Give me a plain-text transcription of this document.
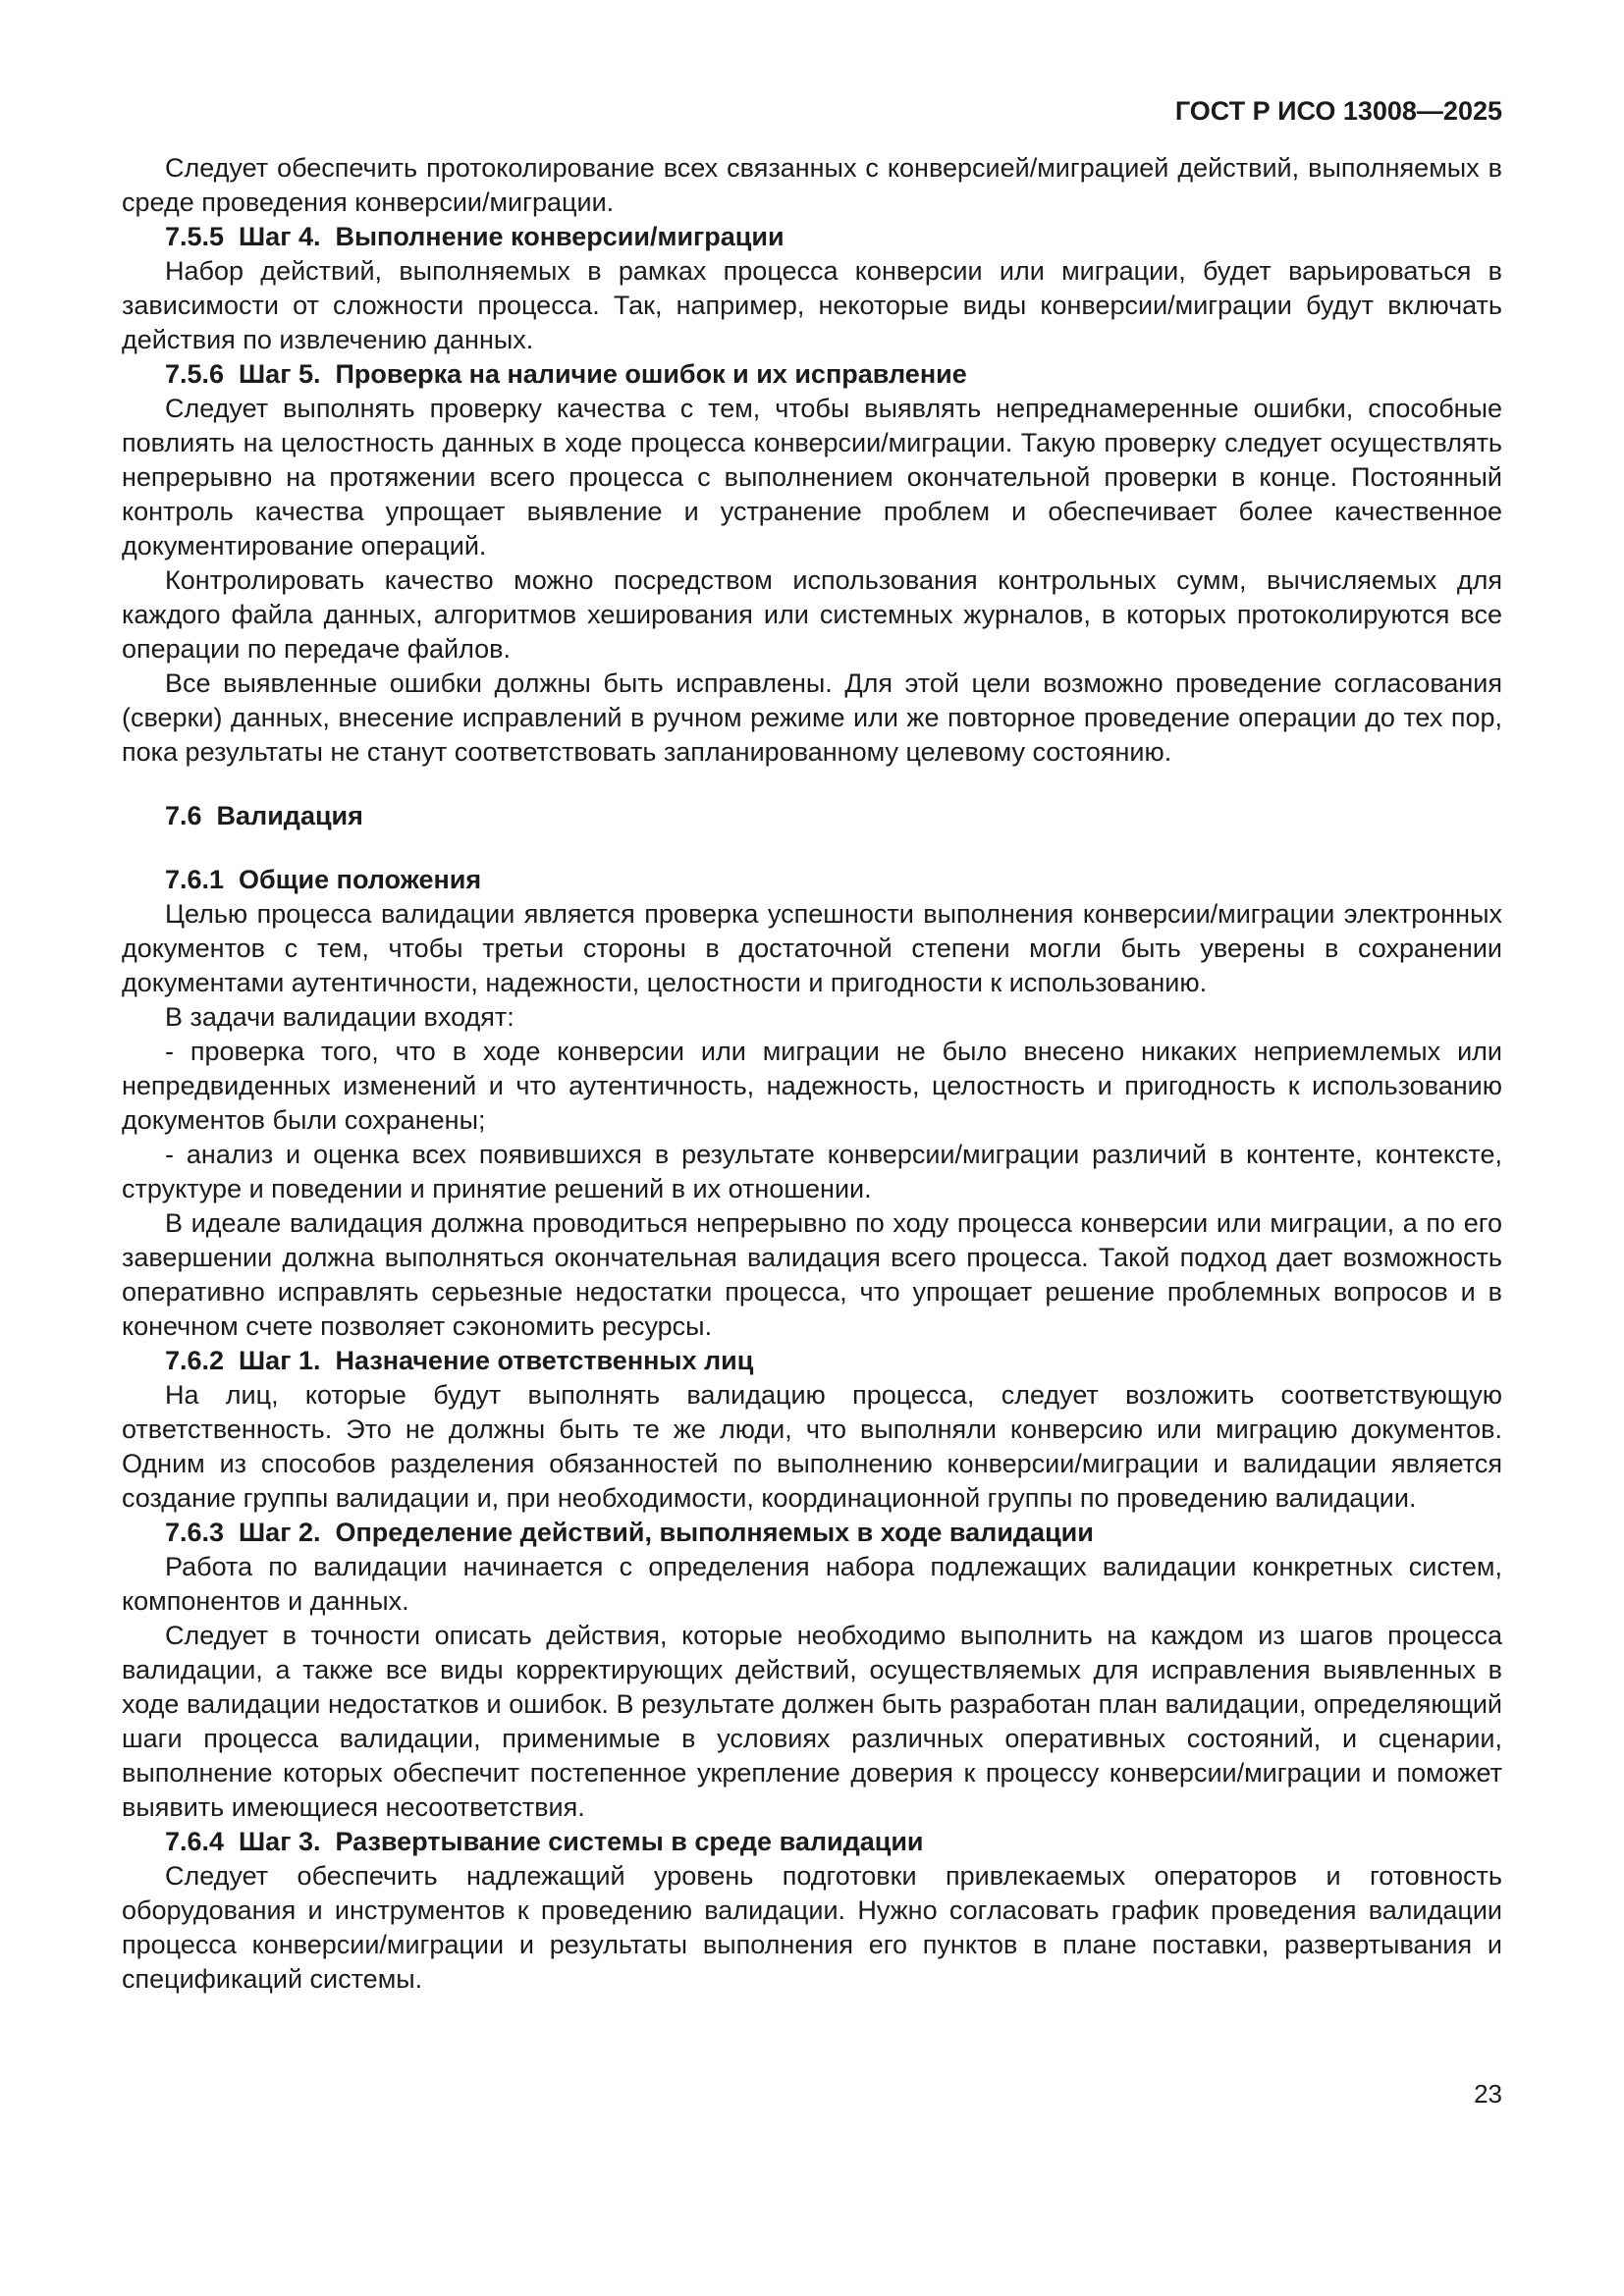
ГОСТ Р ИСО 13008—2025

Следует обеспечить протоколирование всех связанных с конверсией/миграцией действий, выполняемых в среде проведения конверсии/миграции.

7.5.5  Шаг 4.  Выполнение конверсии/миграции

Набор действий, выполняемых в рамках процесса конверсии или миграции, будет варьироваться в зависимости от сложности процесса. Так, например, некоторые виды конверсии/миграции будут включать действия по извлечению данных.

7.5.6  Шаг 5.  Проверка на наличие ошибок и их исправление

Следует выполнять проверку качества с тем, чтобы выявлять непреднамеренные ошибки, способные повлиять на целостность данных в ходе процесса конверсии/миграции. Такую проверку следует осуществлять непрерывно на протяжении всего процесса с выполнением окончательной проверки в конце. Постоянный контроль качества упрощает выявление и устранение проблем и обеспечивает более качественное документирование операций.

Контролировать качество можно посредством использования контрольных сумм, вычисляемых для каждого файла данных, алгоритмов хеширования или системных журналов, в которых протоколируются все операции по передаче файлов.

Все выявленные ошибки должны быть исправлены. Для этой цели возможно проведение согласования (сверки) данных, внесение исправлений в ручном режиме или же повторное проведение операции до тех пор, пока результаты не станут соответствовать запланированному целевому состоянию.

7.6  Валидация

7.6.1  Общие положения

Целью процесса валидации является проверка успешности выполнения конверсии/миграции электронных документов с тем, чтобы третьи стороны в достаточной степени могли быть уверены в сохранении документами аутентичности, надежности, целостности и пригодности к использованию.

В задачи валидации входят:

- проверка того, что в ходе конверсии или миграции не было внесено никаких неприемлемых или непредвиденных изменений и что аутентичность, надежность, целостность и пригодность к использованию документов были сохранены;

- анализ и оценка всех появившихся в результате конверсии/миграции различий в контенте, контексте, структуре и поведении и принятие решений в их отношении.

В идеале валидация должна проводиться непрерывно по ходу процесса конверсии или миграции, а по его завершении должна выполняться окончательная валидация всего процесса. Такой подход дает возможность оперативно исправлять серьезные недостатки процесса, что упрощает решение проблемных вопросов и в конечном счете позволяет сэкономить ресурсы.

7.6.2  Шаг 1.  Назначение ответственных лиц

На лиц, которые будут выполнять валидацию процесса, следует возложить соответствующую ответственность. Это не должны быть те же люди, что выполняли конверсию или миграцию документов. Одним из способов разделения обязанностей по выполнению конверсии/миграции и валидации является создание группы валидации и, при необходимости, координационной группы по проведению валидации.

7.6.3  Шаг 2.  Определение действий, выполняемых в ходе валидации

Работа по валидации начинается с определения набора подлежащих валидации конкретных систем, компонентов и данных.

Следует в точности описать действия, которые необходимо выполнить на каждом из шагов процесса валидации, а также все виды корректирующих действий, осуществляемых для исправления выявленных в ходе валидации недостатков и ошибок. В результате должен быть разработан план валидации, определяющий шаги процесса валидации, применимые в условиях различных оперативных состояний, и сценарии, выполнение которых обеспечит постепенное укрепление доверия к процессу конверсии/миграции и поможет выявить имеющиеся несоответствия.

7.6.4  Шаг 3.  Развертывание системы в среде валидации

Следует обеспечить надлежащий уровень подготовки привлекаемых операторов и готовность оборудования и инструментов к проведению валидации. Нужно согласовать график проведения валидации процесса конверсии/миграции и результаты выполнения его пунктов в плане поставки, развертывания и спецификаций системы.

23
